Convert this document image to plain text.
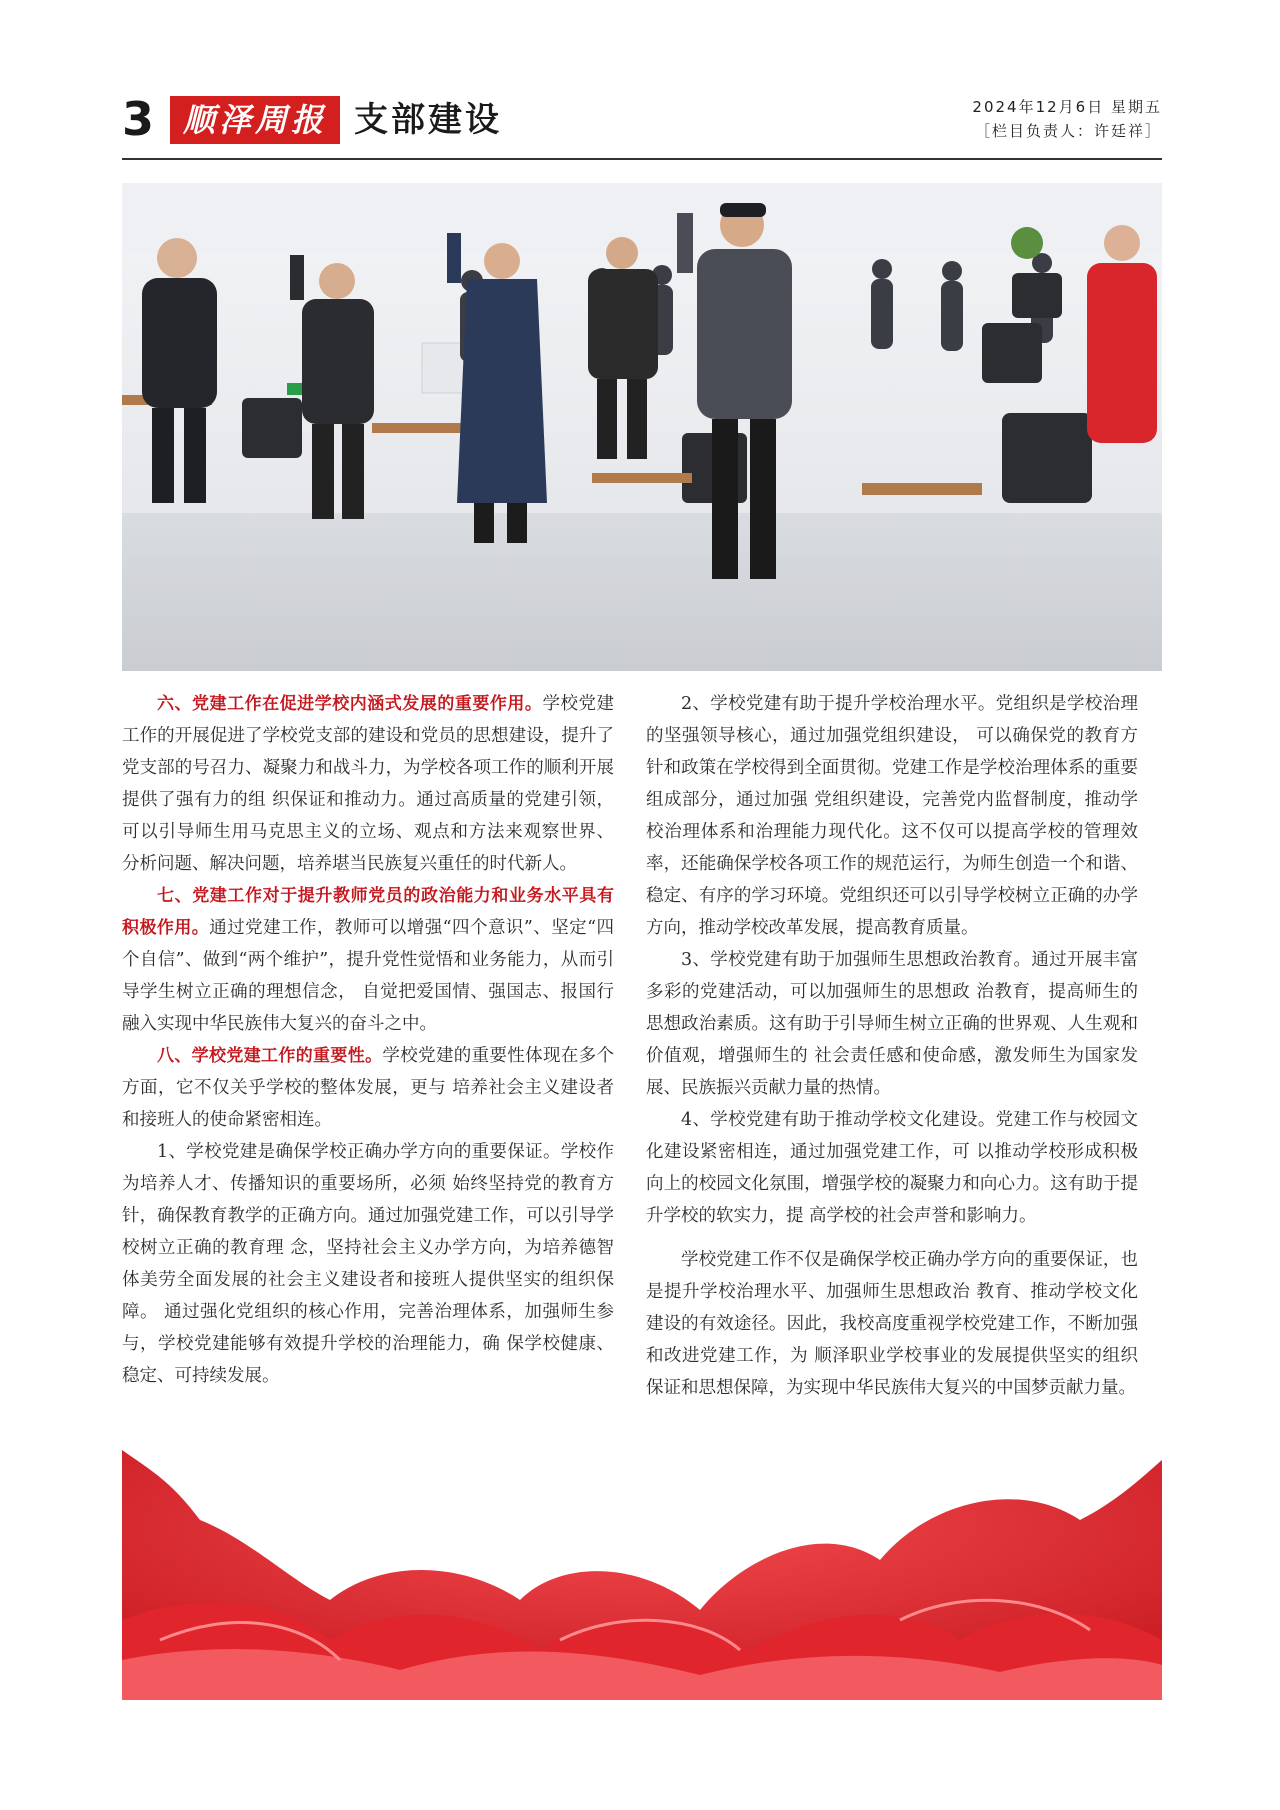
3 顺泽周报 支部建设	2024年12月6日 星期五
［栏目负责人：许廷祥］

六、党建工作在促进学校内涵式发展的重要作用。学校党建工作的开展促进了学校党支部的建设和党员的思想建设，提升了党支部的号召力、凝聚力和战斗力，为学校各项工作的顺利开展提供了强有力的组 织保证和推动力。通过高质量的党建引领，可以引导师生用马克思主义的立场、观点和方法来观察世界、 分析问题、解决问题，培养堪当民族复兴重任的时代新人。

七、党建工作对于提升教师党员的政治能力和业务水平具有积极作用。通过党建工作，教师可以增强“四个意识”、坚定“四个自信”、做到“两个维护”，提升党性觉悟和业务能力，从而引导学生树立正确的理想信念， 自觉把爱国情、强国志、报国行融入实现中华民族伟大复兴的奋斗之中。

八、学校党建工作的重要性。学校党建的重要性体现在多个方面，它不仅关乎学校的整体发展，更与 培养社会主义建设者和接班人的使命紧密相连。

1、学校党建是确保学校正确办学方向的重要保证。学校作为培养人才、传播知识的重要场所，必须 始终坚持党的教育方针，确保教育教学的正确方向。通过加强党建工作，可以引导学校树立正确的教育理 念，坚持社会主义办学方向，为培养德智体美劳全面发展的社会主义建设者和接班人提供坚实的组织保障。 通过强化党组织的核心作用，完善治理体系，加强师生参与，学校党建能够有效提升学校的治理能力，确 保学校健康、稳定、可持续发展。

2、学校党建有助于提升学校治理水平。党组织是学校治理的坚强领导核心，通过加强党组织建设， 可以确保党的教育方针和政策在学校得到全面贯彻。党建工作是学校治理体系的重要组成部分，通过加强 党组织建设，完善党内监督制度，推动学校治理体系和治理能力现代化。这不仅可以提高学校的管理效率，还能确保学校各项工作的规范运行，为师生创造一个和谐、稳定、有序的学习环境。党组织还可以引导学校树立正确的办学方向，推动学校改革发展，提高教育质量。

3、学校党建有助于加强师生思想政治教育。通过开展丰富多彩的党建活动，可以加强师生的思想政 治教育，提高师生的思想政治素质。这有助于引导师生树立正确的世界观、人生观和价值观，增强师生的 社会责任感和使命感，激发师生为国家发展、民族振兴贡献力量的热情。

4、学校党建有助于推动学校文化建设。党建工作与校园文化建设紧密相连，通过加强党建工作，可 以推动学校形成积极向上的校园文化氛围，增强学校的凝聚力和向心力。这有助于提升学校的软实力，提 高学校的社会声誉和影响力。

学校党建工作不仅是确保学校正确办学方向的重要保证，也是提升学校治理水平、加强师生思想政治 教育、推动学校文化建设的有效途径。因此，我校高度重视学校党建工作，不断加强和改进党建工作，为 顺泽职业学校事业的发展提供坚实的组织保证和思想保障，为实现中华民族伟大复兴的中国梦贡献力量。
